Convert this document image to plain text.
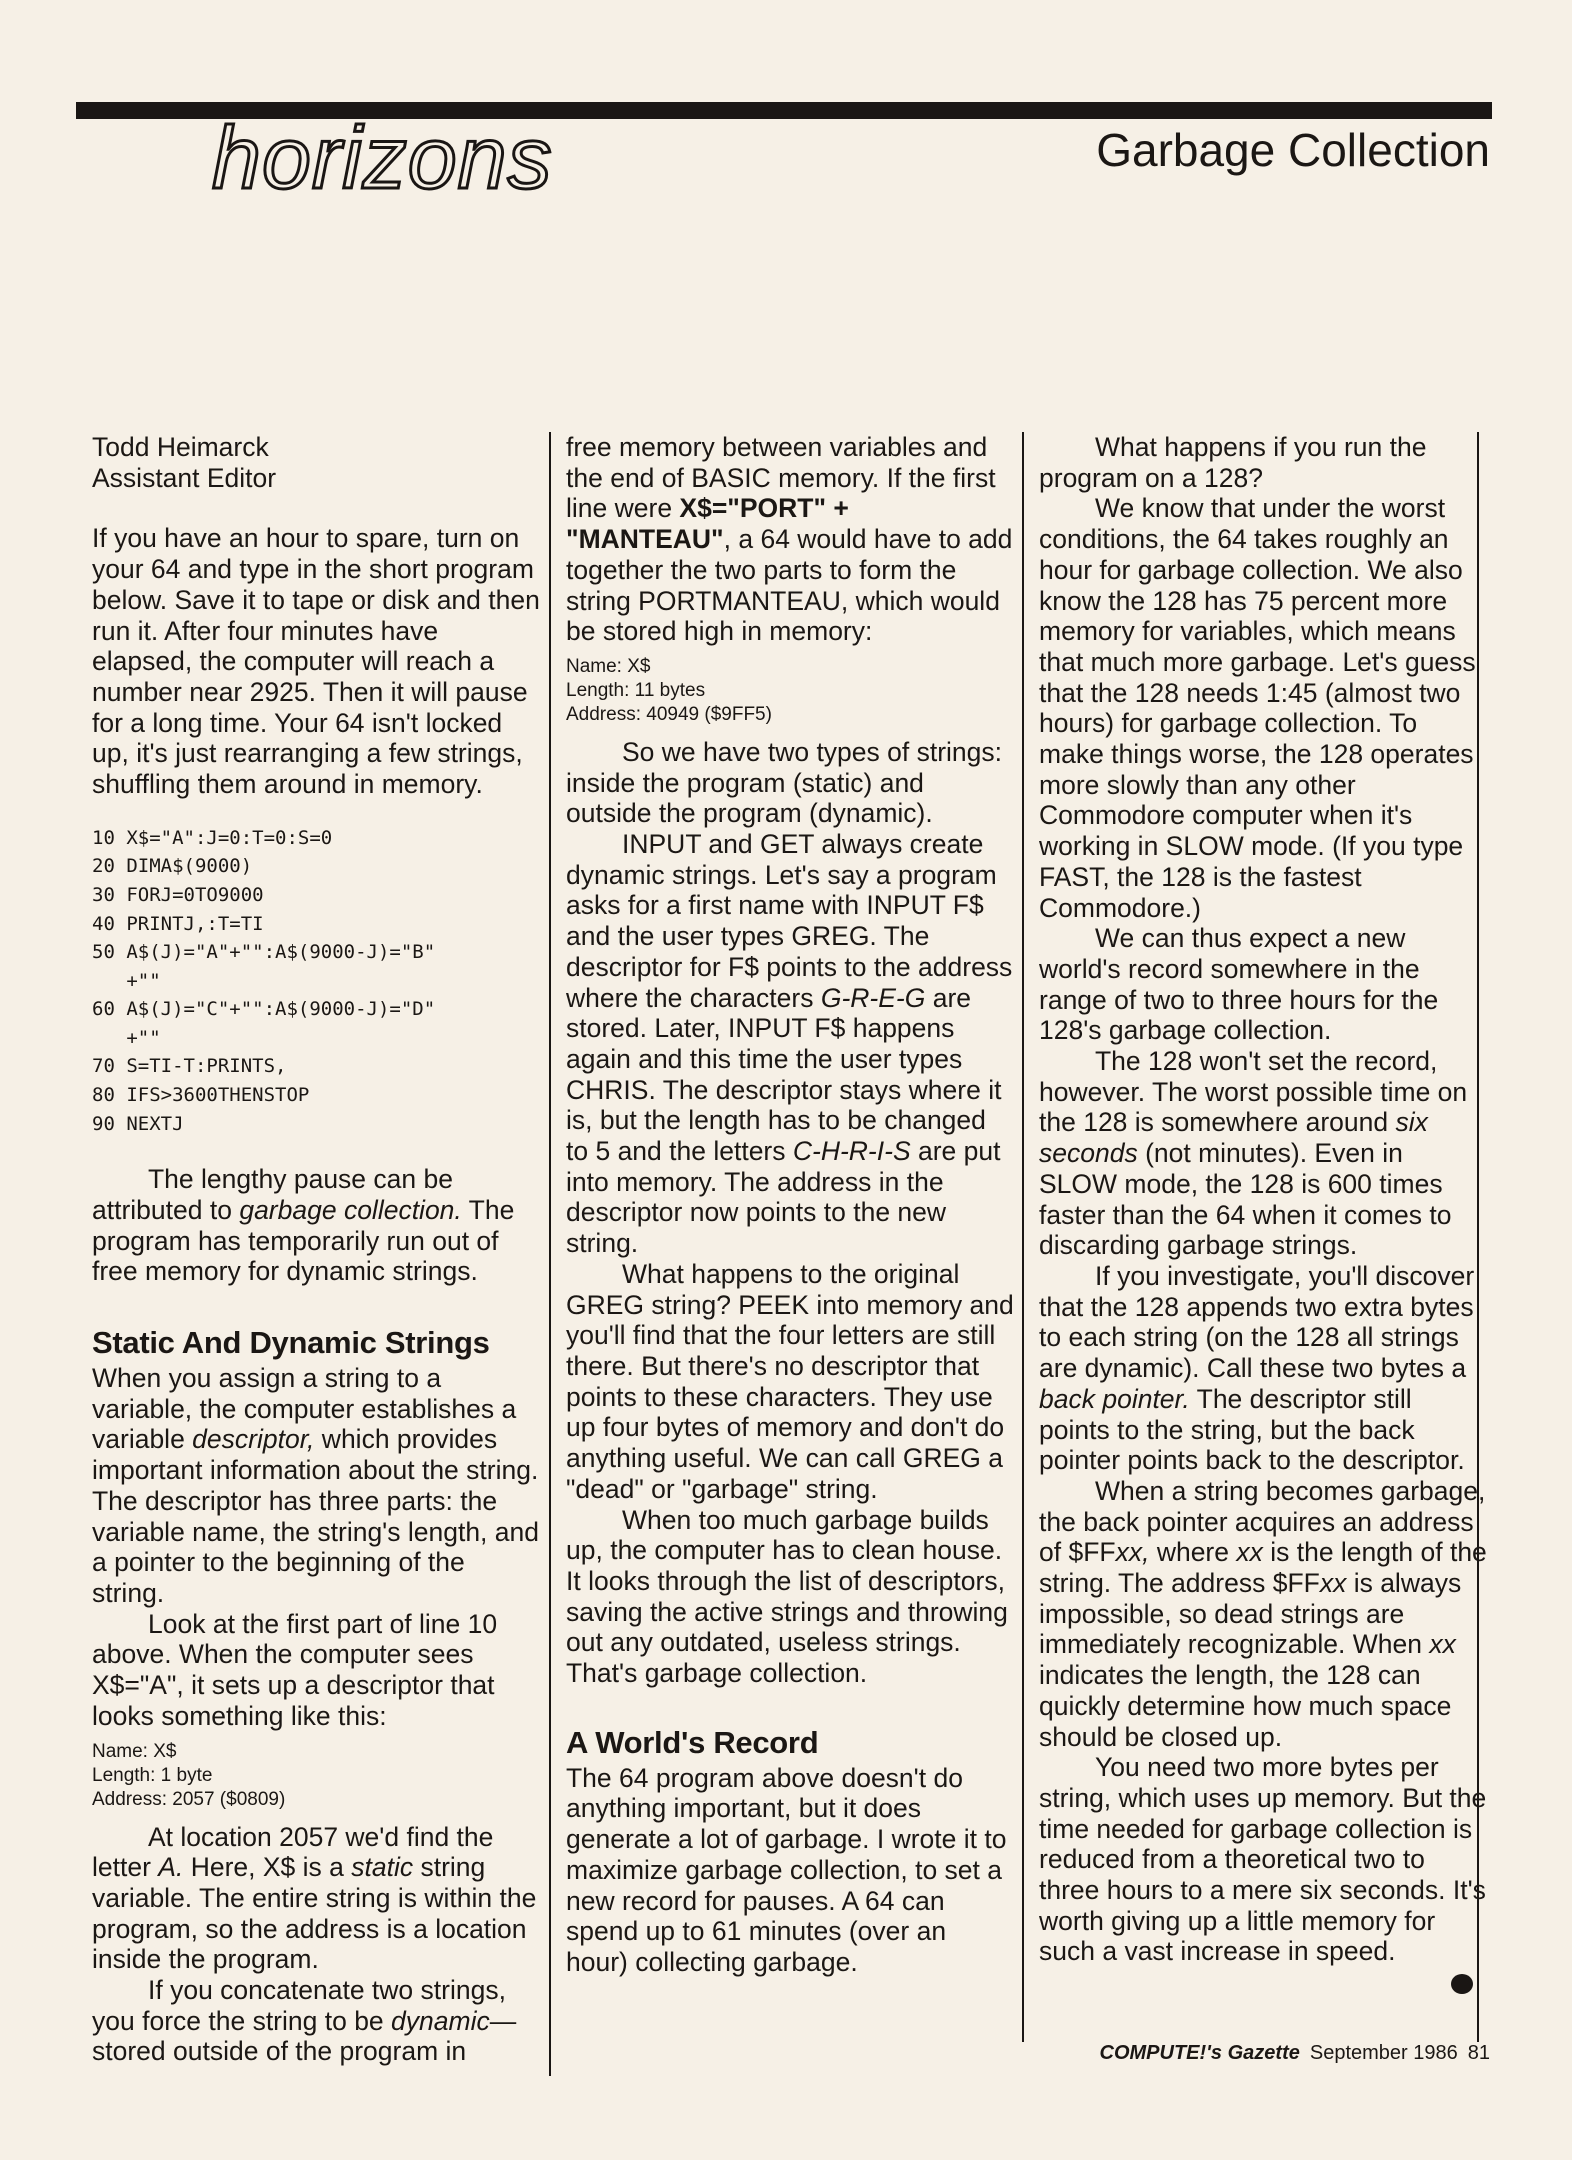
horizons	Garbage Collection
Todd Heimarck
Assistant Editor

If you have an hour to spare, turn on your 64 and type in the short program below. Save it to tape or disk and then run it. After four minutes have elapsed, the computer will reach a number near 2925. Then it will pause for a long time. Your 64 isn't locked up, it's just rearranging a few strings, shuffling them around in memory.

10 X$="A":J=0:T=0:S=0
20 DIMA$(9000)
30 FORJ=0TO9000
40 PRINTJ,:T=TI
50 A$(J)="A"+"":A$(9000-J)="B"
+""
60 A$(J)="C"+"":A$(9000-J)="D"
+""
70 S=TI-T:PRINTS,
80 IFS>3600THENSTOP
90 NEXTJ

The lengthy pause can be attributed to garbage collection. The program has temporarily run out of free memory for dynamic strings.

Static And Dynamic Strings

When you assign a string to a variable, the computer establishes a variable descriptor, which provides important information about the string. The descriptor has three parts: the variable name, the string's length, and a pointer to the beginning of the string.

Look at the first part of line 10 above. When the computer sees X$="A", it sets up a descriptor that looks something like this:

Name: X$
Length: 1 byte
Address: 2057 ($0809)

At location 2057 we'd find the letter A. Here, X$ is a static string variable. The entire string is within the program, so the address is a location inside the program.

If you concatenate two strings, you force the string to be dynamic—stored outside of the program in

free memory between variables and the end of BASIC memory. If the first line were X$="PORT" + "MANTEAU", a 64 would have to add together the two parts to form the string PORTMANTEAU, which would be stored high in memory:

Name: X$
Length: 11 bytes
Address: 40949 ($9FF5)

So we have two types of strings: inside the program (static) and outside the program (dynamic).

INPUT and GET always create dynamic strings. Let's say a program asks for a first name with INPUT F$ and the user types GREG. The descriptor for F$ points to the address where the characters G-R-E-G are stored. Later, INPUT F$ happens again and this time the user types CHRIS. The descriptor stays where it is, but the length has to be changed to 5 and the letters C-H-R-I-S are put into memory. The address in the descriptor now points to the new string.

What happens to the original GREG string? PEEK into memory and you'll find that the four letters are still there. But there's no descriptor that points to these characters. They use up four bytes of memory and don't do anything useful. We can call GREG a "dead" or "garbage" string.

When too much garbage builds up, the computer has to clean house. It looks through the list of descriptors, saving the active strings and throwing out any outdated, useless strings. That's garbage collection.

A World's Record

The 64 program above doesn't do anything important, but it does generate a lot of garbage. I wrote it to maximize garbage collection, to set a new record for pauses. A 64 can spend up to 61 minutes (over an hour) collecting garbage.

What happens if you run the program on a 128?

We know that under the worst conditions, the 64 takes roughly an hour for garbage collection. We also know the 128 has 75 percent more memory for variables, which means that much more garbage. Let's guess that the 128 needs 1:45 (almost two hours) for garbage collection. To make things worse, the 128 operates more slowly than any other Commodore computer when it's working in SLOW mode. (If you type FAST, the 128 is the fastest Commodore.)

We can thus expect a new world's record somewhere in the range of two to three hours for the 128's garbage collection.

The 128 won't set the record, however. The worst possible time on the 128 is somewhere around six seconds (not minutes). Even in SLOW mode, the 128 is 600 times faster than the 64 when it comes to discarding garbage strings.

If you investigate, you'll discover that the 128 appends two extra bytes to each string (on the 128 all strings are dynamic). Call these two bytes a back pointer. The descriptor still points to the string, but the back pointer points back to the descriptor.

When a string becomes garbage, the back pointer acquires an address of $FFxx, where xx is the length of the string. The address $FFxx is always impossible, so dead strings are immediately recognizable. When xx indicates the length, the 128 can quickly determine how much space should be closed up.

You need two more bytes per string, which uses up memory. But the time needed for garbage collection is reduced from a theoretical two to three hours to a mere six seconds. It's worth giving up a little memory for such a vast increase in speed.

COMPUTE!'s Gazette September 1986 81
